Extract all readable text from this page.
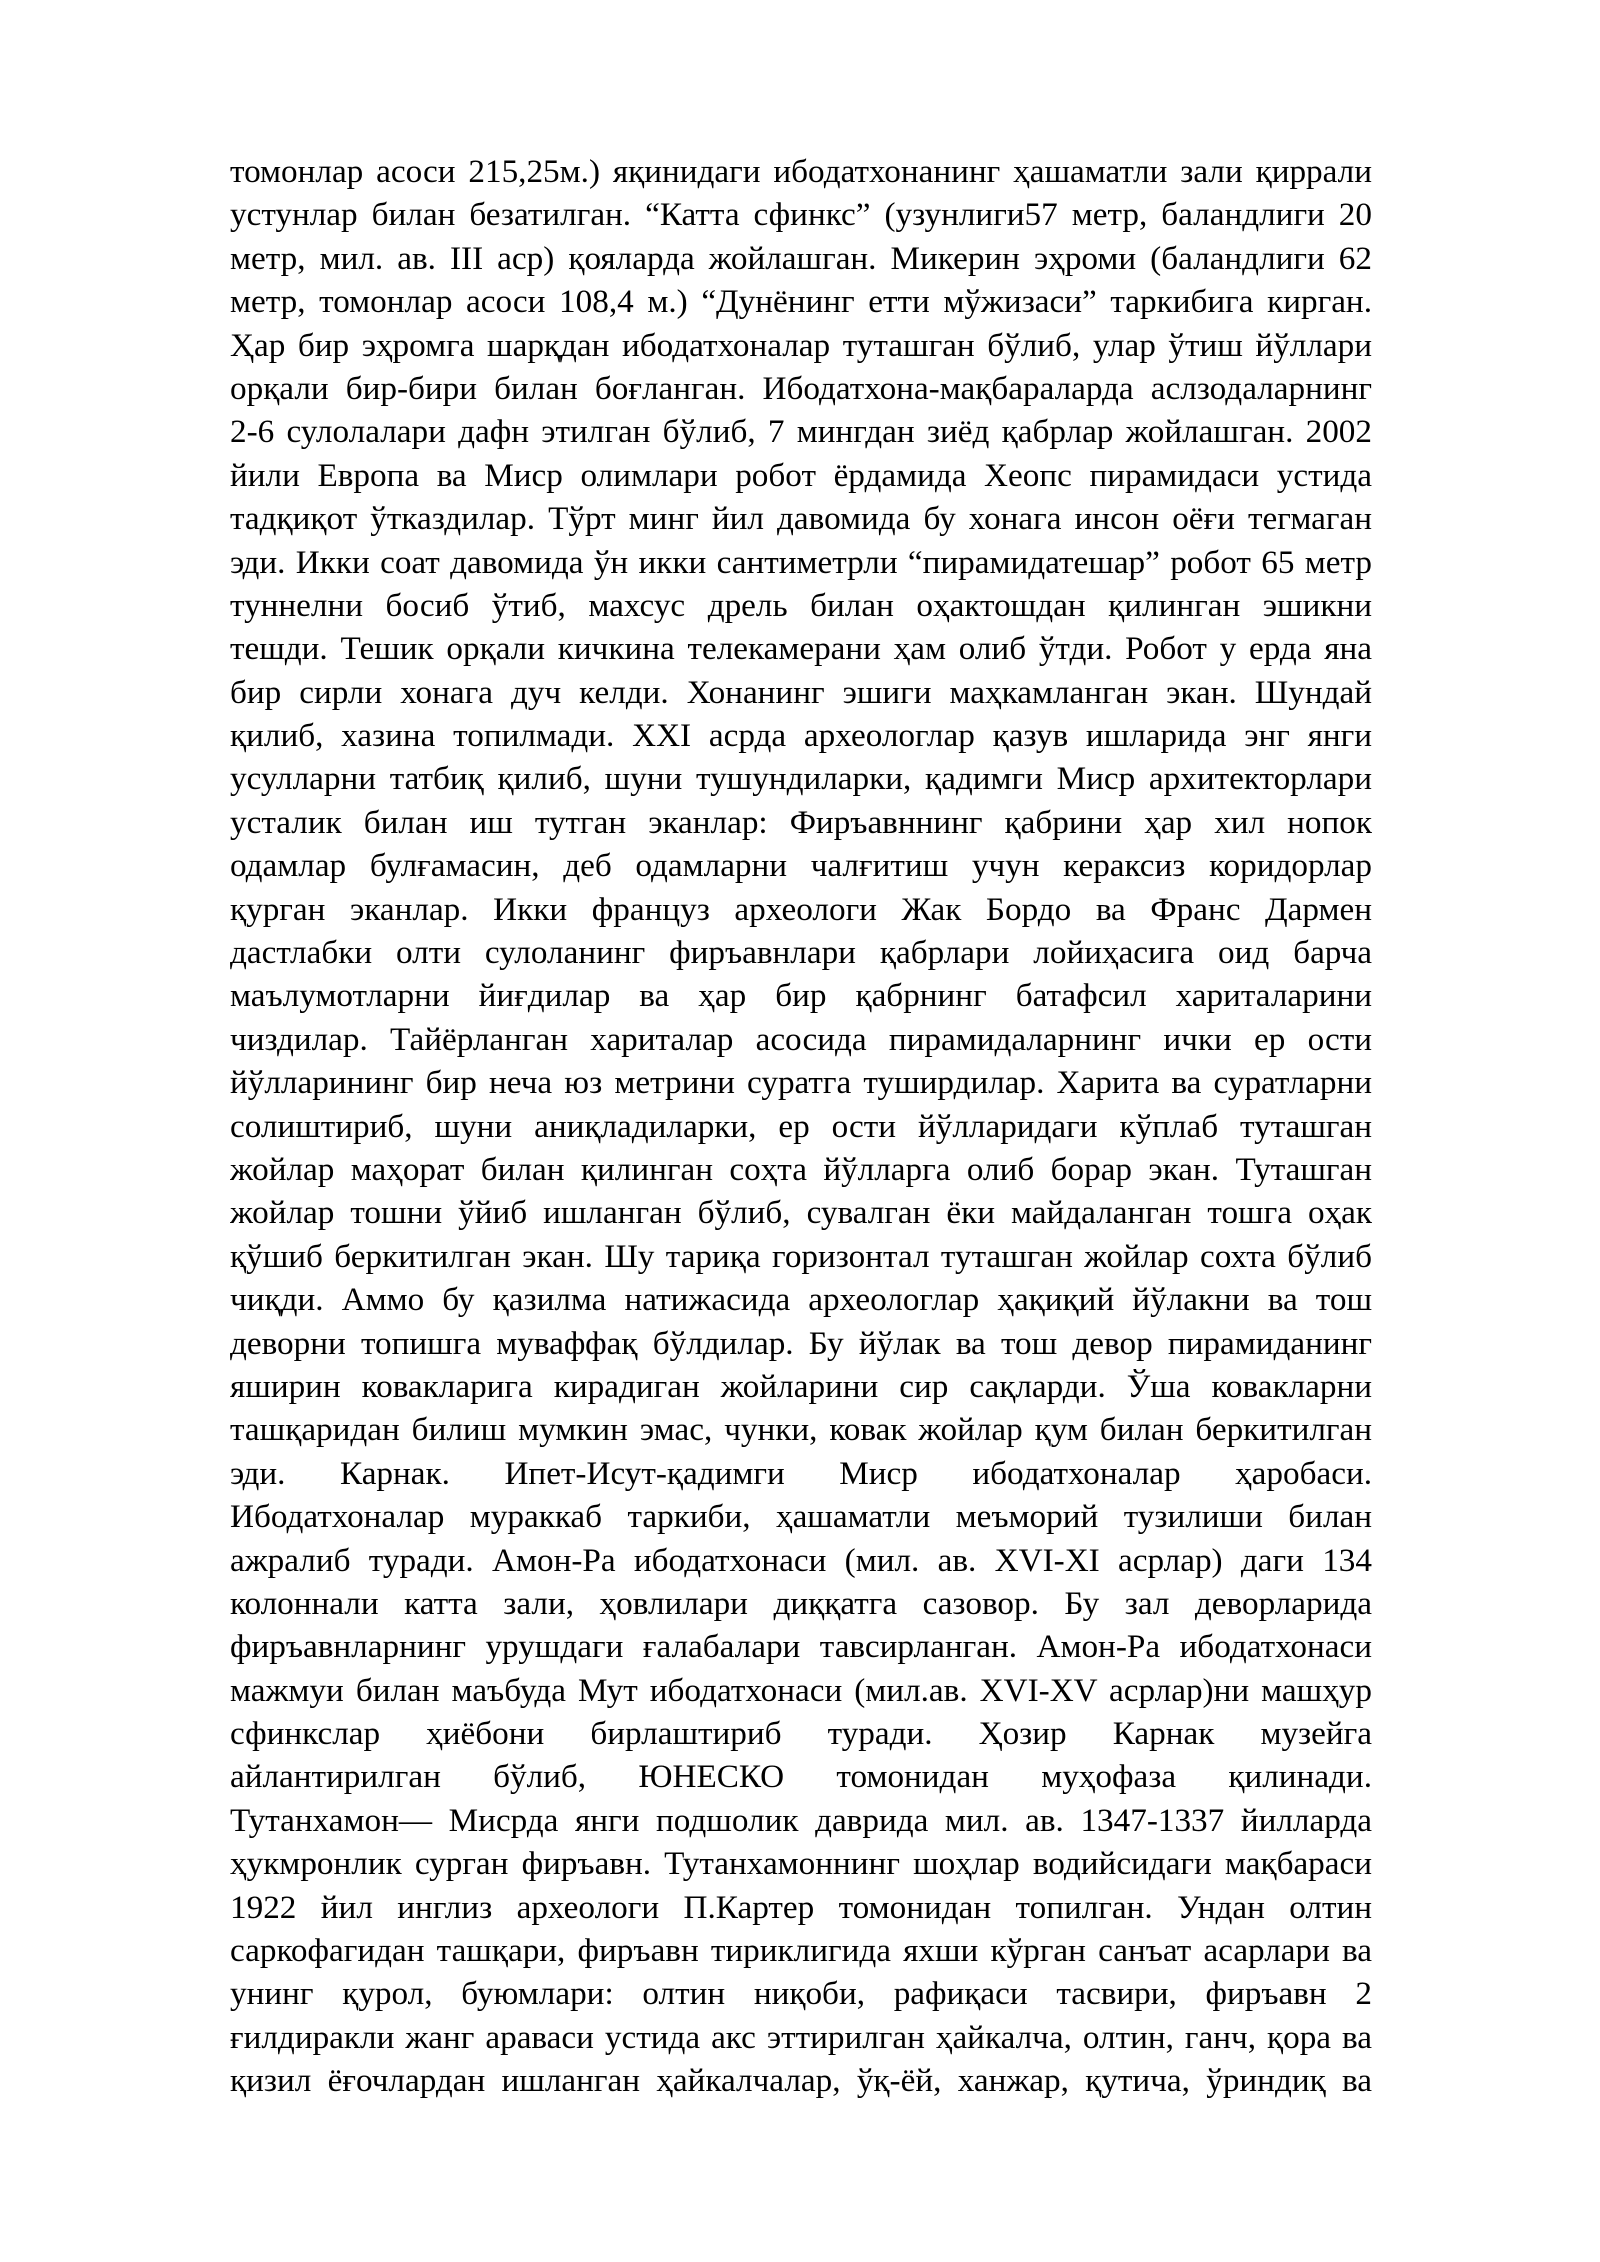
томонлар асоси 215,25м.) яқинидаги ибодатхонанинг ҳашаматли зали қиррали
устунлар билан безатилган. “Катта сфинкс” (узунлиги57 метр, баландлиги 20
метр, мил. ав. III аср) қояларда жойлашган. Микерин эҳроми (баландлиги 62
метр, томонлар асоси 108,4 м.) “Дунёнинг етти мўжизаси” таркибига кирган.
Ҳар бир эҳромга шарқдан ибодатхоналар туташган бўлиб, улар ўтиш йўллари
орқали бир-бири билан боғланган. Ибодатхона-мақбараларда аслзодаларнинг
2-6 сулолалари дафн этилган бўлиб, 7 мингдан зиёд қабрлар жойлашган. 2002
йили Европа ва Миср олимлари робот ёрдамида Хеопс пирамидаси устида
тадқиқот ўтказдилар. Тўрт минг йил давомида бу хонага инсон оёғи тегмаган
эди. Икки соат давомида ўн икки сантиметрли “пирамидатешар” робот 65 метр
туннелни босиб ўтиб, махсус дрель билан оҳактошдан қилинган эшикни
тешди. Тешик орқали кичкина телекамерани ҳам олиб ўтди. Робот у ерда яна
бир сирли хонага дуч келди. Хонанинг эшиги маҳкамланган экан. Шундай
қилиб, хазина топилмади. XXI асрда археологлар қазув ишларида энг янги
усулларни татбиқ қилиб, шуни тушундиларки, қадимги Миср архитекторлари
усталик билан иш тутган эканлар: Фиръавннинг қабрини ҳар хил нопок
одамлар булғамасин, деб одамларни чалғитиш учун кераксиз коридорлар
қурган эканлар. Икки француз археологи Жак Бордо ва Франс Дармен
дастлабки олти сулоланинг фиръавнлари қабрлари лойиҳасига оид барча
маълумотларни йиғдилар ва ҳар бир қабрнинг батафсил хариталарини
чиздилар. Тайёрланган хариталар асосида пирамидаларнинг ички ер ости
йўлларининг бир неча юз метрини суратга туширдилар. Харита ва суратларни
солиштириб, шуни аниқладиларки, ер ости йўлларидаги кўплаб туташган
жойлар маҳорат билан қилинган соҳта йўлларга олиб борар экан. Туташган
жойлар тошни ўйиб ишланган бўлиб, сувалган ёки майдаланган тошга оҳак
қўшиб беркитилган экан. Шу тариқа горизонтал туташган жойлар сохта бўлиб
чиқди. Аммо бу қазилма натижасида археологлар ҳақиқий йўлакни ва тош
деворни топишга муваффақ бўлдилар. Бу йўлак ва тош девор пирамиданинг
яширин ковакларига кирадиган жойларини сир сақларди. Ўша ковакларни
ташқаридан билиш мумкин эмас, чунки, ковак жойлар қум билан беркитилган
эди. Карнак. Ипет-Исут-қадимги Миср ибодатхоналар ҳаробаси.
Ибодатхоналар мураккаб таркиби, ҳашаматли меъморий тузилиши билан
ажралиб туради. Амон-Ра ибодатхонаси (мил. ав. XVI-XI асрлар) даги 134
колоннали катта зали, ҳовлилари диққатга сазовор. Бу зал деворларида
фиръавнларнинг урушдаги ғалабалари тавсирланган. Амон-Ра ибодатхонаси
мажмуи билан маъбуда Мут ибодатхонаси (мил.ав. XVI-XV асрлар)ни машҳур
сфинкслар ҳиёбони бирлаштириб туради. Ҳозир Карнак музейга
айлантирилган бўлиб, ЮНЕСКО томонидан муҳофаза қилинади.
Тутанхамон— Мисрда янги подшолик даврида мил. ав. 1347-1337 йилларда
ҳукмронлик сурган фиръавн. Тутанхамоннинг шоҳлар водийсидаги мақбараси
1922 йил инглиз археологи П.Картер томонидан топилган. Ундан олтин
саркофагидан ташқари, фиръавн тириклигида яхши кўрган санъат асарлари ва
унинг қурол, буюмлари: олтин ниқоби, рафиқаси тасвири, фиръавн 2
ғилдиракли жанг араваси устида акс эттирилган ҳайкалча, олтин, ганч, қора ва
қизил ёғочлардан ишланган ҳайкалчалар, ўқ-ёй, ханжар, қутича, ўриндиқ ва
